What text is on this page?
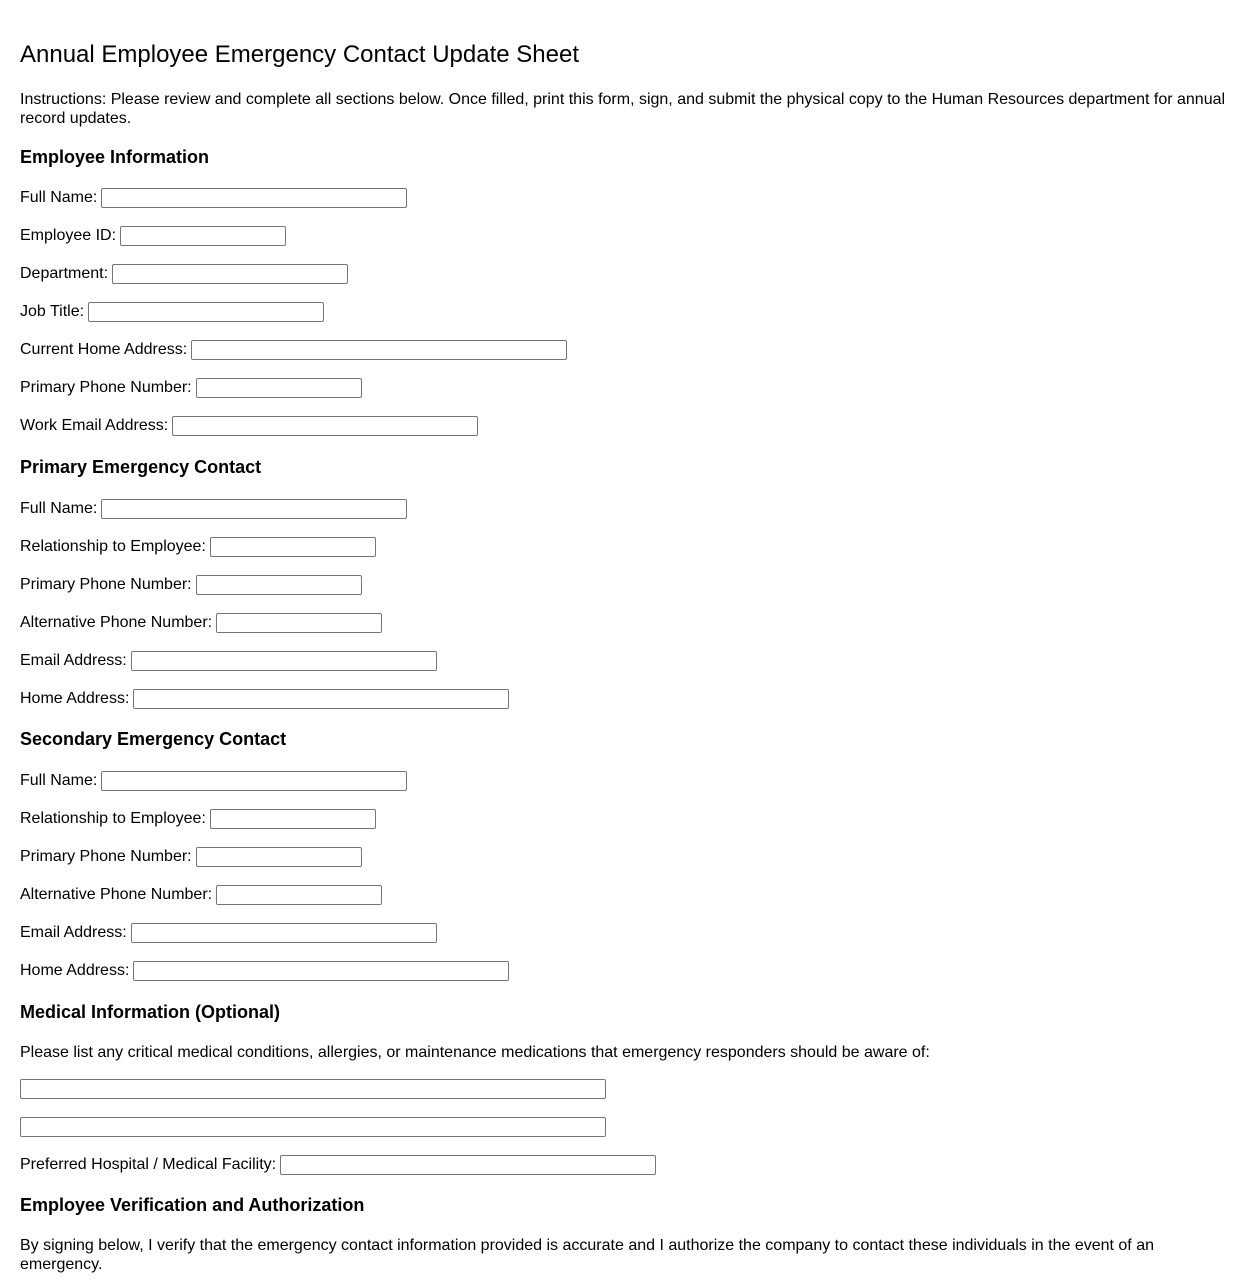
Annual Employee Emergency Contact Update Sheet

Instructions: Please review and complete all sections below. Once filled, print this form, sign, and submit the physical copy to the Human Resources department for annual record updates.

Employee Information
Full Name:
Employee ID:
Department:
Job Title:
Current Home Address:
Primary Phone Number:
Work Email Address:
Primary Emergency Contact
Full Name:
Relationship to Employee:
Primary Phone Number:
Alternative Phone Number:
Email Address:
Home Address:
Secondary Emergency Contact
Full Name:
Relationship to Employee:
Primary Phone Number:
Alternative Phone Number:
Email Address:
Home Address:
Medical Information (Optional)

Please list any critical medical conditions, allergies, or maintenance medications that emergency responders should be aware of:

Preferred Hospital / Medical Facility:
Employee Verification and Authorization

By signing below, I verify that the emergency contact information provided is accurate and I authorize the company to contact these individuals in the event of an emergency.
